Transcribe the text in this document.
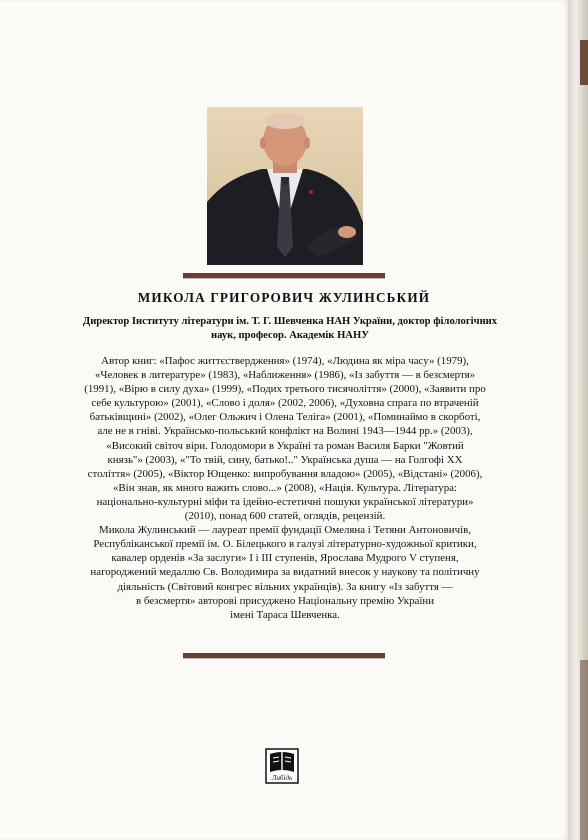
МИКОЛА ГРИГОРОВИЧ ЖУЛИНСЬКИЙ
Директор Інституту літератури ім. Т. Г. Шевченка НАН України, доктор філологічних
наук, професор. Академік НАНУ
Автор книг: «Пафос життєствердження» (1974), «Людина як міра часу» (1979),
«Человек в литературе» (1983), «Наближення» (1986), «Із забуття — в безсмертя»
(1991), «Вірю в силу духа» (1999), «Подих третього тисячоліття» (2000), «Заявити про
себе культурою» (2001), «Слово і доля» (2002, 2006), «Духовна спрага по втраченій
батьківщині» (2002), «Олег Ольжич і Олена Теліга» (2001), «Поминаймо в скорботі,
але не в гніві. Українсько-польський конфлікт на Волині 1943—1944 рр.» (2003),
«Високий світоч віри. Голодомори в Україні та роман Василя Барки "Жовтий
князь"» (2003), «"То твій, сину, батько!.." Українська душа — на Голгофі XX
століття» (2005), «Віктор Ющенко: випробування владою» (2005), «Відстані» (2006),
«Він знав, як много важить слово...» (2008), «Нація. Культура. Література:
національно-культурні міфи та ідейно-естетичні пошуки української літератури»
(2010), понад 600 статей, оглядів, рецензій.
Микола Жулинський — лауреат премії фундації Омеляна і Тетяни Антоновичів,
Республіканської премії ім. О. Білецького в галузі літературно-художньої критики,
кавалер орденів «За заслуги» І і ІІІ ступенів, Ярослава Мудрого V ступеня,
нагороджений медаллю Св. Володимира за видатний внесок у наукову та політичну
діяльність (Світовий конгрес вільних українців). За книгу «Із забуття —
в безсмертя» авторові присуджено Національну премію України
імені Тараса Шевченка.
Либідь
